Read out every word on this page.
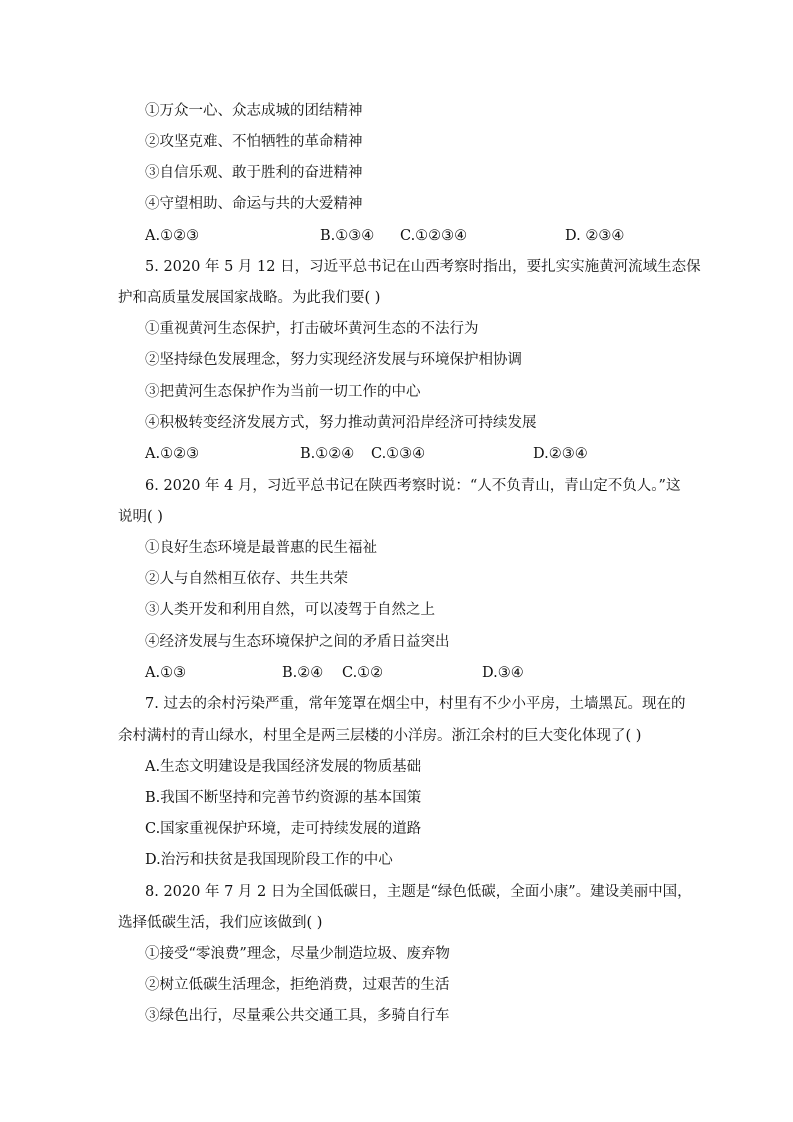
①万众一心、众志成城的团结精神
②攻坚克难、不怕牺牲的革命精神
③自信乐观、敢于胜利的奋进精神
④守望相助、命运与共的大爱精神
A.①②③	B.①③④ C.①②③④	D. ②③④
5. 2020 年 5 月 12 日，习近平总书记在山西考察时指出，要扎实实施黄河流域生态保
护和高质量发展国家战略。为此我们要( )
①重视黄河生态保护，打击破坏黄河生态的不法行为
②坚持绿色发展理念，努力实现经济发展与环境保护相协调
③把黄河生态保护作为当前一切工作的中心
④积极转变经济发展方式，努力推动黄河沿岸经济可持续发展
A.①②③	B.①②④ C.①③④	D.②③④
6. 2020 年 4 月，习近平总书记在陕西考察时说：“人不负青山，青山定不负人。”这
说明( )
①良好生态环境是最普惠的民生福祉
②人与自然相互依存、共生共荣
③人类开发和利用自然，可以凌驾于自然之上
④经济发展与生态环境保护之间的矛盾日益突出
A.①③	B.②④ C.①②	D.③④
7. 过去的余村污染严重，常年笼罩在烟尘中，村里有不少小平房，土墙黑瓦。现在的
余村满村的青山绿水，村里全是两三层楼的小洋房。浙江余村的巨大变化体现了( )
A.生态文明建设是我国经济发展的物质基础
B.我国不断坚持和完善节约资源的基本国策
C.国家重视保护环境，走可持续发展的道路
D.治污和扶贫是我国现阶段工作的中心
8. 2020 年 7 月 2 日为全国低碳日，主题是“绿色低碳，全面小康”。建设美丽中国，
选择低碳生活，我们应该做到( )
①接受“零浪费”理念，尽量少制造垃圾、废弃物
②树立低碳生活理念，拒绝消费，过艰苦的生活
③绿色出行，尽量乘公共交通工具，多骑自行车
